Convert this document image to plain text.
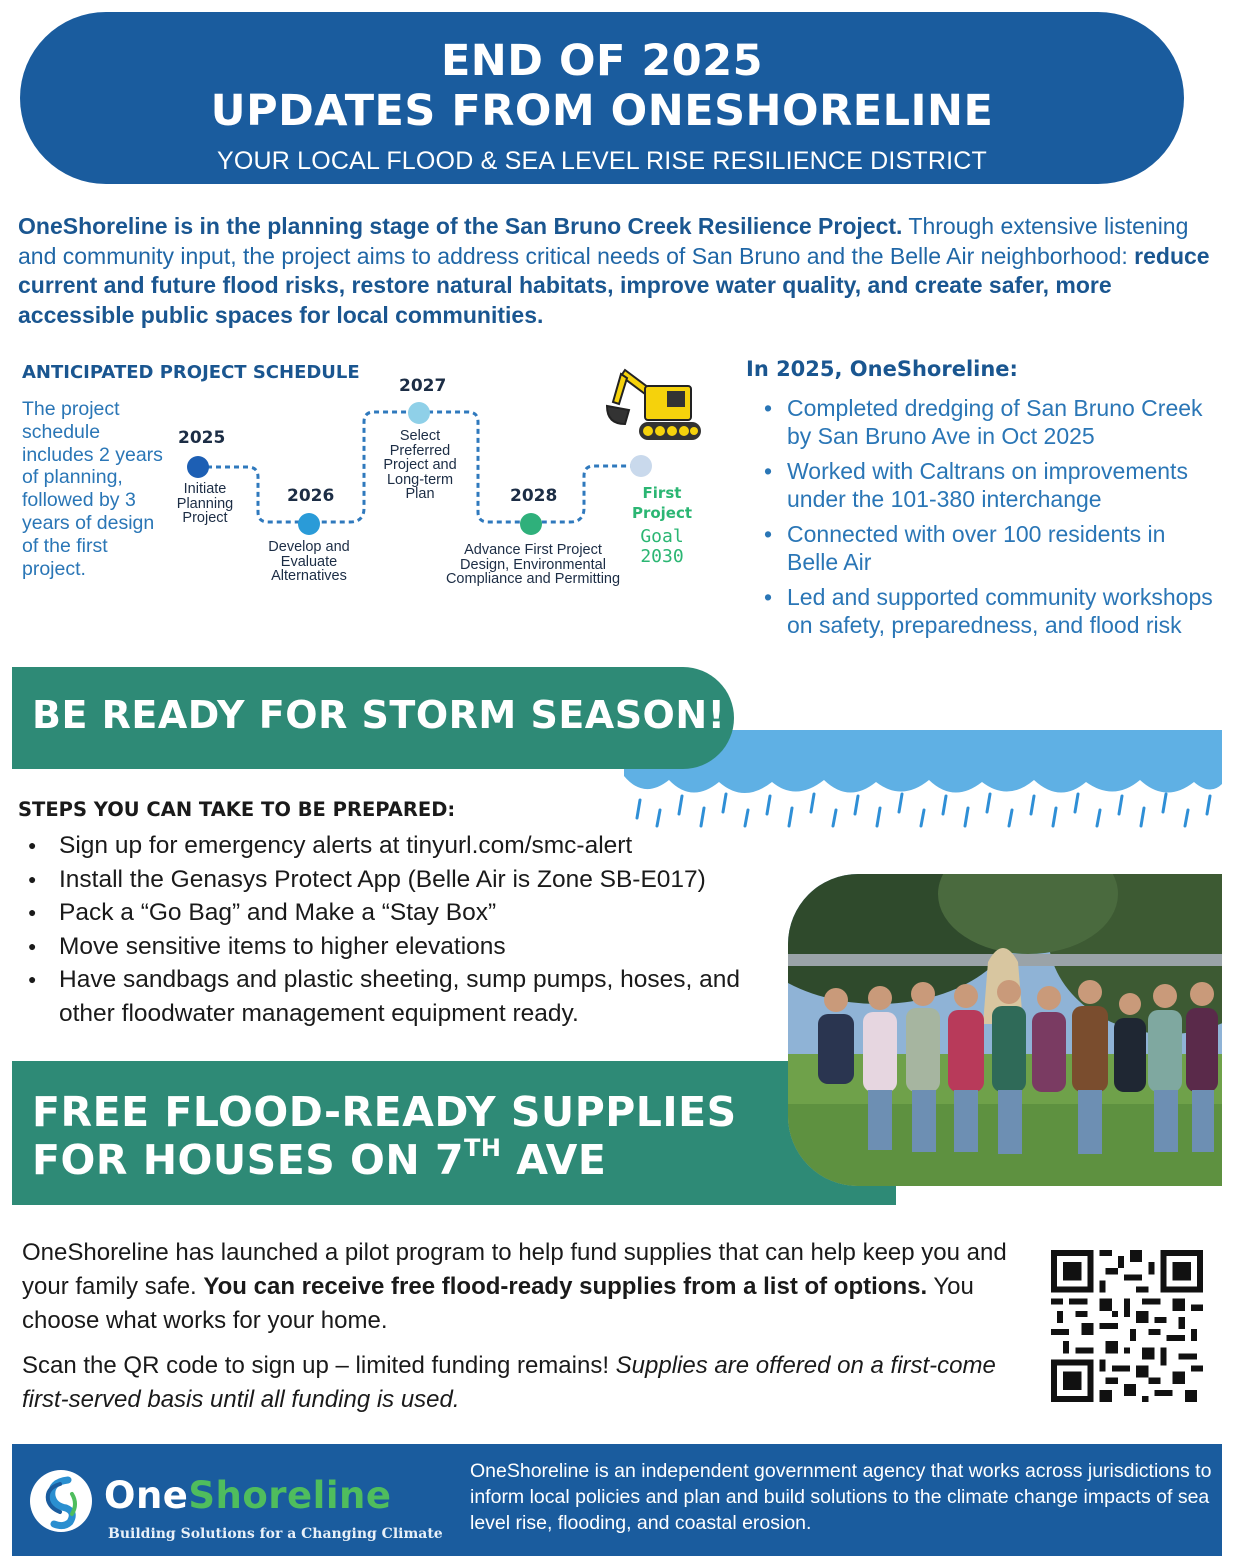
END OF 2025
UPDATES FROM ONESHORELINE
YOUR LOCAL FLOOD & SEA LEVEL RISE RESILIENCE DISTRICT
OneShoreline is in the planning stage of the San Bruno Creek Resilience Project. Through extensive listening and community input, the project aims to address critical needs of San Bruno and the Belle Air neighborhood: reduce current and future flood risks, restore natural habitats, improve water quality, and create safer, more accessible public spaces for local communities.
ANTICIPATED PROJECT SCHEDULE
The project schedule includes 2 years of planning, followed by 3 years of design of the first project.
2025
Initiate Planning Project
2026
Develop and Evaluate Alternatives
2027
Select Preferred Project and Long-term Plan	2028
Advance First Project Design, Environmental Compliance and Permitting
First Project
Goal
2030
In 2025, OneShoreline:
• Completed dredging of San Bruno Creek by San Bruno Ave in Oct 2025
• Worked with Caltrans on improvements under the 101-380 interchange
• Connected with over 100 residents in Belle Air
• Led and supported community workshops on safety, preparedness, and flood risk
BE READY FOR STORM SEASON!
STEPS YOU CAN TAKE TO BE PREPARED:
● Sign up for emergency alerts at tinyurl.com/smc-alert
● Install the Genasys Protect App (Belle Air is Zone SB-E017)
● Pack a “Go Bag” and Make a “Stay Box”
● Move sensitive items to higher elevations
● Have sandbags and plastic sheeting, sump pumps, hoses, and other floodwater management equipment ready.
FREE FLOOD-READY SUPPLIES
FOR HOUSES ON 7TH AVE

OneShoreline has launched a pilot program to help fund supplies that can help keep you and your family safe. You can receive free flood-ready supplies from a list of options. You choose what works for your home.

Scan the QR code to sign up – limited funding remains! Supplies are offered on a first-come first-served basis until all funding is used.

OneShoreline
Building Solutions for a Changing Climate
OneShoreline is an independent government agency that works across jurisdictions to inform local policies and plan and build solutions to the climate change impacts of sea level rise, flooding, and coastal erosion.
